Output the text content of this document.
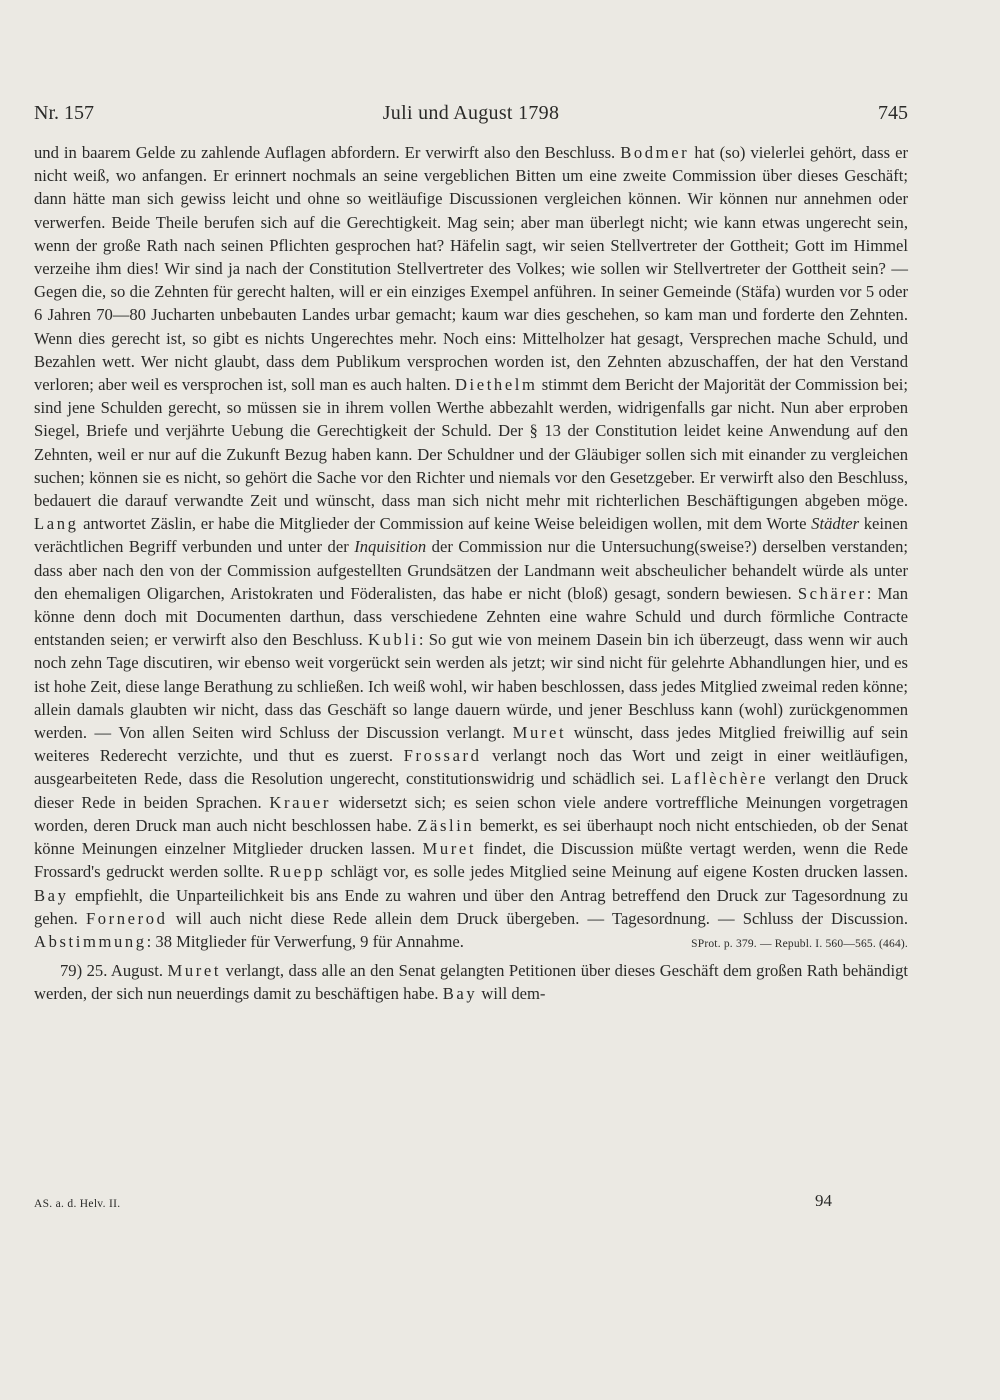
Nr. 157	Juli und August 1798	745

und in baarem Gelde zu zahlende Auflagen abfordern. Er verwirft also den Beschluss. Bodmer hat (so) vielerlei gehört, dass er nicht weiß, wo anfangen. Er erinnert nochmals an seine vergeblichen Bitten um eine zweite Commission über dieses Geschäft; dann hätte man sich gewiss leicht und ohne so weitläufige Discussionen vergleichen können. Wir können nur annehmen oder verwerfen. Beide Theile berufen sich auf die Gerechtigkeit. Mag sein; aber man überlegt nicht; wie kann etwas ungerecht sein, wenn der große Rath nach seinen Pflichten gesprochen hat? Häfelin sagt, wir seien Stellvertreter der Gottheit; Gott im Himmel verzeihe ihm dies! Wir sind ja nach der Constitution Stellvertreter des Volkes; wie sollen wir Stellvertreter der Gottheit sein? — Gegen die, so die Zehnten für gerecht halten, will er ein einziges Exempel anführen. In seiner Gemeinde (Stäfa) wurden vor 5 oder 6 Jahren 70—80 Jucharten unbebauten Landes urbar gemacht; kaum war dies geschehen, so kam man und forderte den Zehnten. Wenn dies gerecht ist, so gibt es nichts Ungerechtes mehr. Noch eins: Mittelholzer hat gesagt, Versprechen mache Schuld, und Bezahlen wett. Wer nicht glaubt, dass dem Publikum versprochen worden ist, den Zehnten abzuschaffen, der hat den Verstand verloren; aber weil es versprochen ist, soll man es auch halten. Diethelm stimmt dem Bericht der Majorität der Commission bei; sind jene Schulden gerecht, so müssen sie in ihrem vollen Werthe abbezahlt werden, widrigenfalls gar nicht. Nun aber erproben Siegel, Briefe und verjährte Uebung die Gerechtigkeit der Schuld. Der § 13 der Constitution leidet keine Anwendung auf den Zehnten, weil er nur auf die Zukunft Bezug haben kann. Der Schuldner und der Gläubiger sollen sich mit einander zu vergleichen suchen; können sie es nicht, so gehört die Sache vor den Richter und niemals vor den Gesetzgeber. Er verwirft also den Beschluss, bedauert die darauf verwandte Zeit und wünscht, dass man sich nicht mehr mit richterlichen Beschäftigungen abgeben möge. Lang antwortet Zäslin, er habe die Mitglieder der Commission auf keine Weise beleidigen wollen, mit dem Worte Städter keinen verächtlichen Begriff verbunden und unter der Inquisition der Commission nur die Untersuchung(sweise?) derselben verstanden; dass aber nach den von der Commission aufgestellten Grundsätzen der Landmann weit abscheulicher behandelt würde als unter den ehemaligen Oligarchen, Aristokraten und Föderalisten, das habe er nicht (bloß) gesagt, sondern bewiesen. Schärer: Man könne denn doch mit Documenten darthun, dass verschiedene Zehnten eine wahre Schuld und durch förmliche Contracte entstanden seien; er verwirft also den Beschluss. Kubli: So gut wie von meinem Dasein bin ich überzeugt, dass wenn wir auch noch zehn Tage discutiren, wir ebenso weit vorgerückt sein werden als jetzt; wir sind nicht für gelehrte Abhandlungen hier, und es ist hohe Zeit, diese lange Berathung zu schließen. Ich weiß wohl, wir haben beschlossen, dass jedes Mitglied zweimal reden könne; allein damals glaubten wir nicht, dass das Geschäft so lange dauern würde, und jener Beschluss kann (wohl) zurückgenommen werden. — Von allen Seiten wird Schluss der Discussion verlangt. Muret wünscht, dass jedes Mitglied freiwillig auf sein weiteres Rederecht verzichte, und thut es zuerst. Frossard verlangt noch das Wort und zeigt in einer weitläufigen, ausgearbeiteten Rede, dass die Resolution ungerecht, constitutionswidrig und schädlich sei. Laflèchère verlangt den Druck dieser Rede in beiden Sprachen. Krauer widersetzt sich; es seien schon viele andere vortreffliche Meinungen vorgetragen worden, deren Druck man auch nicht beschlossen habe. Zäslin bemerkt, es sei überhaupt noch nicht entschieden, ob der Senat könne Meinungen einzelner Mitglieder drucken lassen. Muret findet, die Discussion müßte vertagt werden, wenn die Rede Frossard's gedruckt werden sollte. Ruepp schlägt vor, es solle jedes Mitglied seine Meinung auf eigene Kosten drucken lassen. Bay empfiehlt, die Unparteilichkeit bis ans Ende zu wahren und über den Antrag betreffend den Druck zur Tagesordnung zu gehen. Fornerod will auch nicht diese Rede allein dem Druck übergeben. — Tagesordnung. — Schluss der Discussion. Abstimmung: 38 Mitglieder für Verwerfung, 9 für Annahme.	SProt. p. 379. — Republ. I. 560—565. (464).

79) 25. August. Muret verlangt, dass alle an den Senat gelangten Petitionen über dieses Geschäft dem großen Rath behändigt werden, der sich nun neuerdings damit zu beschäftigen habe. Bay will dem-

AS. a. d. Helv. II.	94
